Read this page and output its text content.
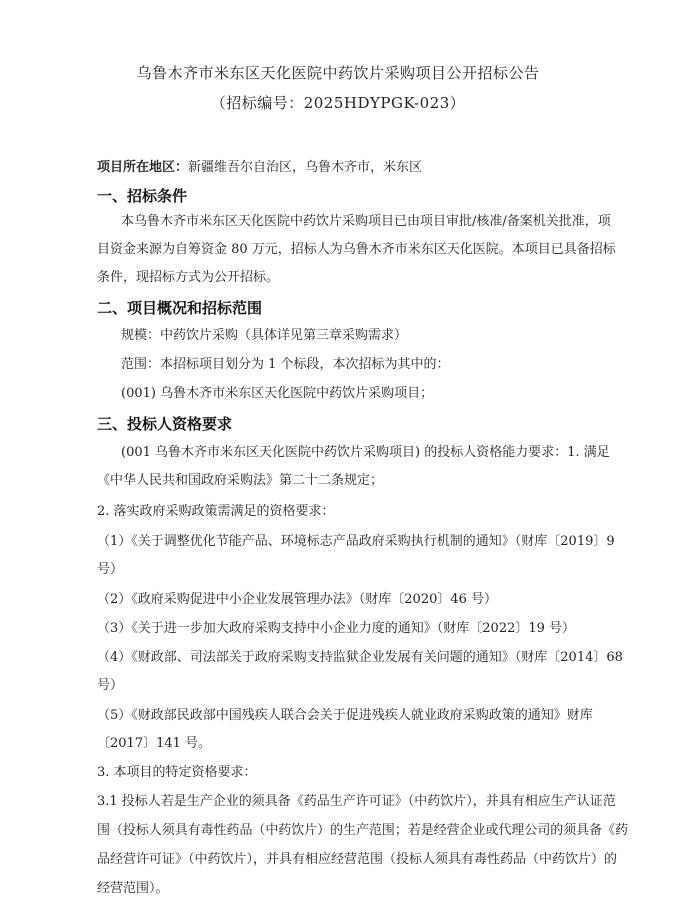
乌鲁木齐市米东区天化医院中药饮片采购项目公开招标公告
（招标编号：2025HDYPGK-023）
项目所在地区：新疆维吾尔自治区，乌鲁木齐市，米东区
一、招标条件
本乌鲁木齐市米东区天化医院中药饮片采购项目已由项目审批/核准/备案机关批准，项
目资金来源为自筹资金 80 万元，招标人为乌鲁木齐市米东区天化医院。本项目已具备招标
条件，现招标方式为公开招标。
二、项目概况和招标范围
规模：中药饮片采购（具体详见第三章采购需求）
范围：本招标项目划分为 1 个标段，本次招标为其中的：
(001) 乌鲁木齐市米东区天化医院中药饮片采购项目；
三、投标人资格要求
(001 乌鲁木齐市米东区天化医院中药饮片采购项目) 的投标人资格能力要求：1. 满足
《中华人民共和国政府采购法》第二十二条规定；
2. 落实政府采购政策需满足的资格要求：
（1）《关于调整优化节能产品、环境标志产品政府采购执行机制的通知》（财库〔2019〕9
号）
（2）《政府采购促进中小企业发展管理办法》（财库〔2020〕46 号）
（3）《关于进一步加大政府采购支持中小企业力度的通知》（财库〔2022〕19 号）
（4）《财政部、司法部关于政府采购支持监狱企业发展有关问题的通知》（财库〔2014〕68
号）
（5）《财政部民政部中国残疾人联合会关于促进残疾人就业政府采购政策的通知》财库
〔2017〕141 号。
3. 本项目的特定资格要求：
3.1 投标人若是生产企业的须具备《药品生产许可证》（中药饮片），并具有相应生产认证范
围（投标人须具有毒性药品（中药饮片）的生产范围；若是经营企业或代理公司的须具备《药
品经营许可证》（中药饮片），并具有相应经营范围（投标人须具有毒性药品（中药饮片）的
经营范围）。
